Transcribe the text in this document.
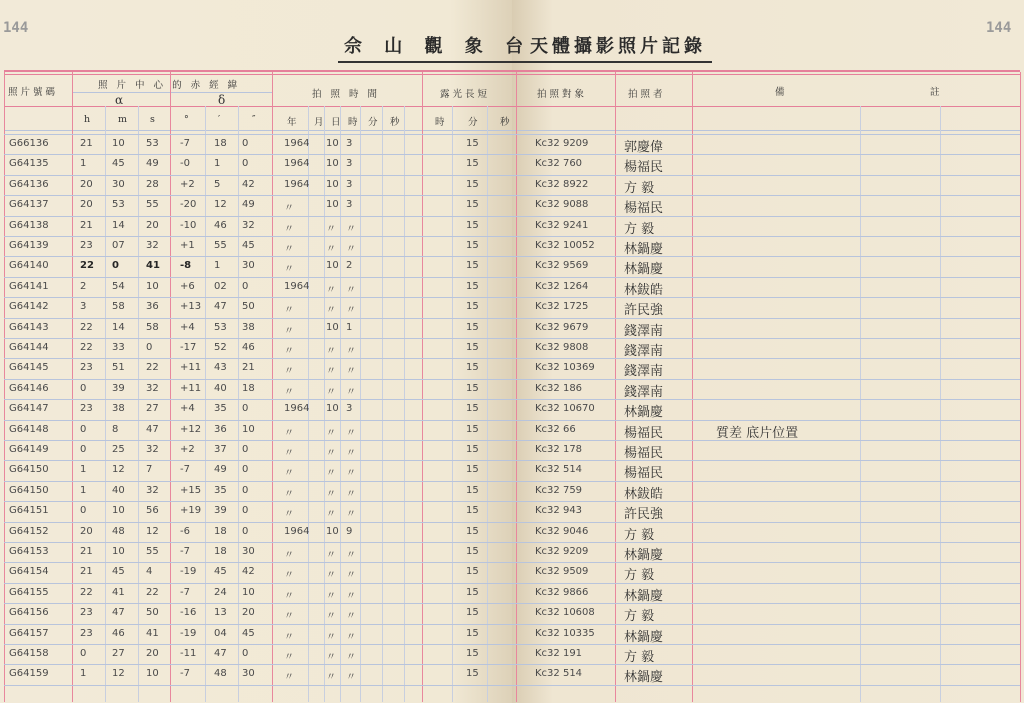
144	144
佘 山 觀 象 台
天體攝影照片記錄
照片號碼
照 片 中 心 的 赤 經 緯
α	δ	拍 照 時 間	露光長短	拍照對象	拍照者	備	註
h	m s	°	′	″	年 月 日 時 分 秒	時 分 秒
G66136	21 10 53 -7 18 0	1964 10 3	15	Kc32 9209	郭慶偉
G64135	1	45 49 -0 1 0	1964 10 3	15	Kc32 760	楊福民
G64136	20 30 28 +2 5 42	1964 10 3	15	Kc32 8922	方 毅
G64137	20 53 55 -20 12 49	〃	10 3	15	Kc32 9088	楊福民
G64138	21 14 20 -10 46 32	〃	〃 〃	15	Kc32 9241	方 毅
G64139	23 07 32 +1 55 45	〃	〃 〃	15	Kc32 10052 林鍋慶
G64140	22 0	41 -8 1 30	〃	10 2	15	Kc32 9569	林鍋慶
G64141	2	54 10 +6 02 0	1964 〃 〃	15	Kc32 1264	林鈸皓
G64142	3	58 36 +13 47 50	〃	〃 〃	15	Kc32 1725	許民強
G64143	22 14 58 +4 53 38	〃	10 1	15	Kc32 9679	錢澤南
G64144	22 33 0	-17 52 46	〃	〃 〃	15	Kc32 9808	錢澤南
G64145	23 51 22 +11 43 21	〃	〃 〃	15	Kc32 10369 錢澤南
G64146	0	39 32 +11 40 18	〃	〃 〃	15	Kc32 186	錢澤南
G64147	23 38 27 +4 35 0	1964 10 3	15	Kc32 10670 林鍋慶
G64148	0	8	47 +12 36 10	〃	〃 〃	15	Kc32 66	楊福民	質差 底片位置
G64149	0	25 32 +2 37 0	〃	〃 〃	15	Kc32 178	楊福民
G64150	1	12 7	-7 49 0	〃	〃 〃	15	Kc32 514	楊福民
G64150	1	40 32 +15 35 0	〃	〃 〃	15	Kc32 759	林鈸皓
G64151	0	10 56 +19 39 0	〃	〃 〃	15	Kc32 943	許民強
G64152	20 48 12 -6 18 0	1964 10 9	15	Kc32 9046	方 毅
G64153	21 10 55 -7 18 30	〃	〃 〃	15	Kc32 9209	林鍋慶
G64154	21 45 4	-19 45 42	〃	〃 〃	15	Kc32 9509	方 毅
G64155	22 41 22 -7 24 10	〃	〃 〃	15	Kc32 9866	林鍋慶
G64156	23 47 50 -16 13 20	〃	〃 〃	15	Kc32 10608 方 毅
G64157	23 46 41 -19 04 45	〃	〃 〃	15	Kc32 10335 林鍋慶
G64158	0	27 20 -11 47 0	〃	〃 〃	15	Kc32 191	方 毅
G64159	1	12 10 -7 48 30	〃	〃 〃	15	Kc32 514	林鍋慶
